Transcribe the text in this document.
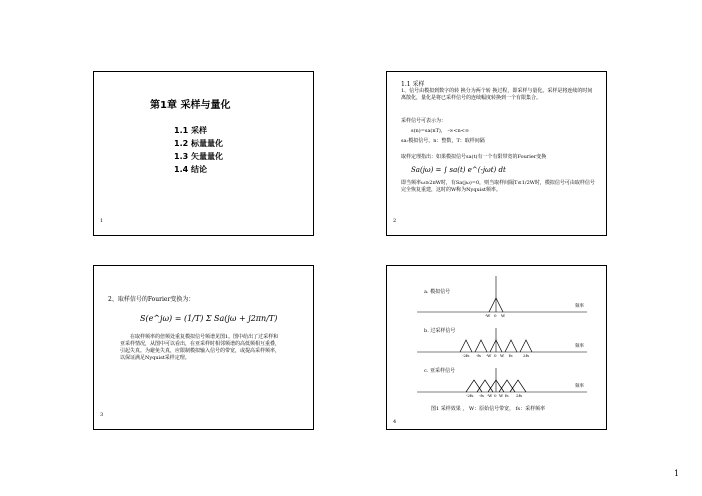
第1章 采样与量化
1.1 采样
1.2 标量量化
1.3 矢量量化
1.4 结论
1
1.1 采样
1、信号由模拟到数字的转 换分为两个转 换过程，即采样与量化。采样是将连续的时间离散化，量化是将已采样信号的连续幅度转换到一个有限集合。
采样信号可表示为：
s(n)=sa(nT)， -∞<n<∞
sa:模拟信号，n：整数，T：取样间隔
取样定理指出：如果模拟信号sa(t)有一个有限带宽的Fourier变换
Sa(jω) = ∫ sa(t) e^(-jωt) dt
即当频率ω≥2πW时，有Sa(jω)=0，则当取样间隔T≤1/2W时，模拟信号可由取样信号完全恢复重建，这时的W称为Nyquist频率。
2
2、取样信号的Fourier变换为：
S(e^jω) = (1/T) Σ Sa(jω + j2πn/T)
在取样频率的倍频处重复模拟信号频谱见图1。图中给出了过采样和亚采样情况，从图中可以看出，在亚采样时相邻频谱的高低频相互重叠，引起失真。为避免失真，应限制模拟输入信号的带宽，或提高采样频率，以保证满足Nyquist采样定理。
3
a. 模拟信号
频率
-W 0 W
b. 过采样信号
频率
-2fs -fs -W 0 W fs	2fs
c. 亚采样信号
频率
-2fs -fs -W 0 W fs 2fs
图1 采样效果 ， W：原始信号带宽， fs：采样频率
4
1
